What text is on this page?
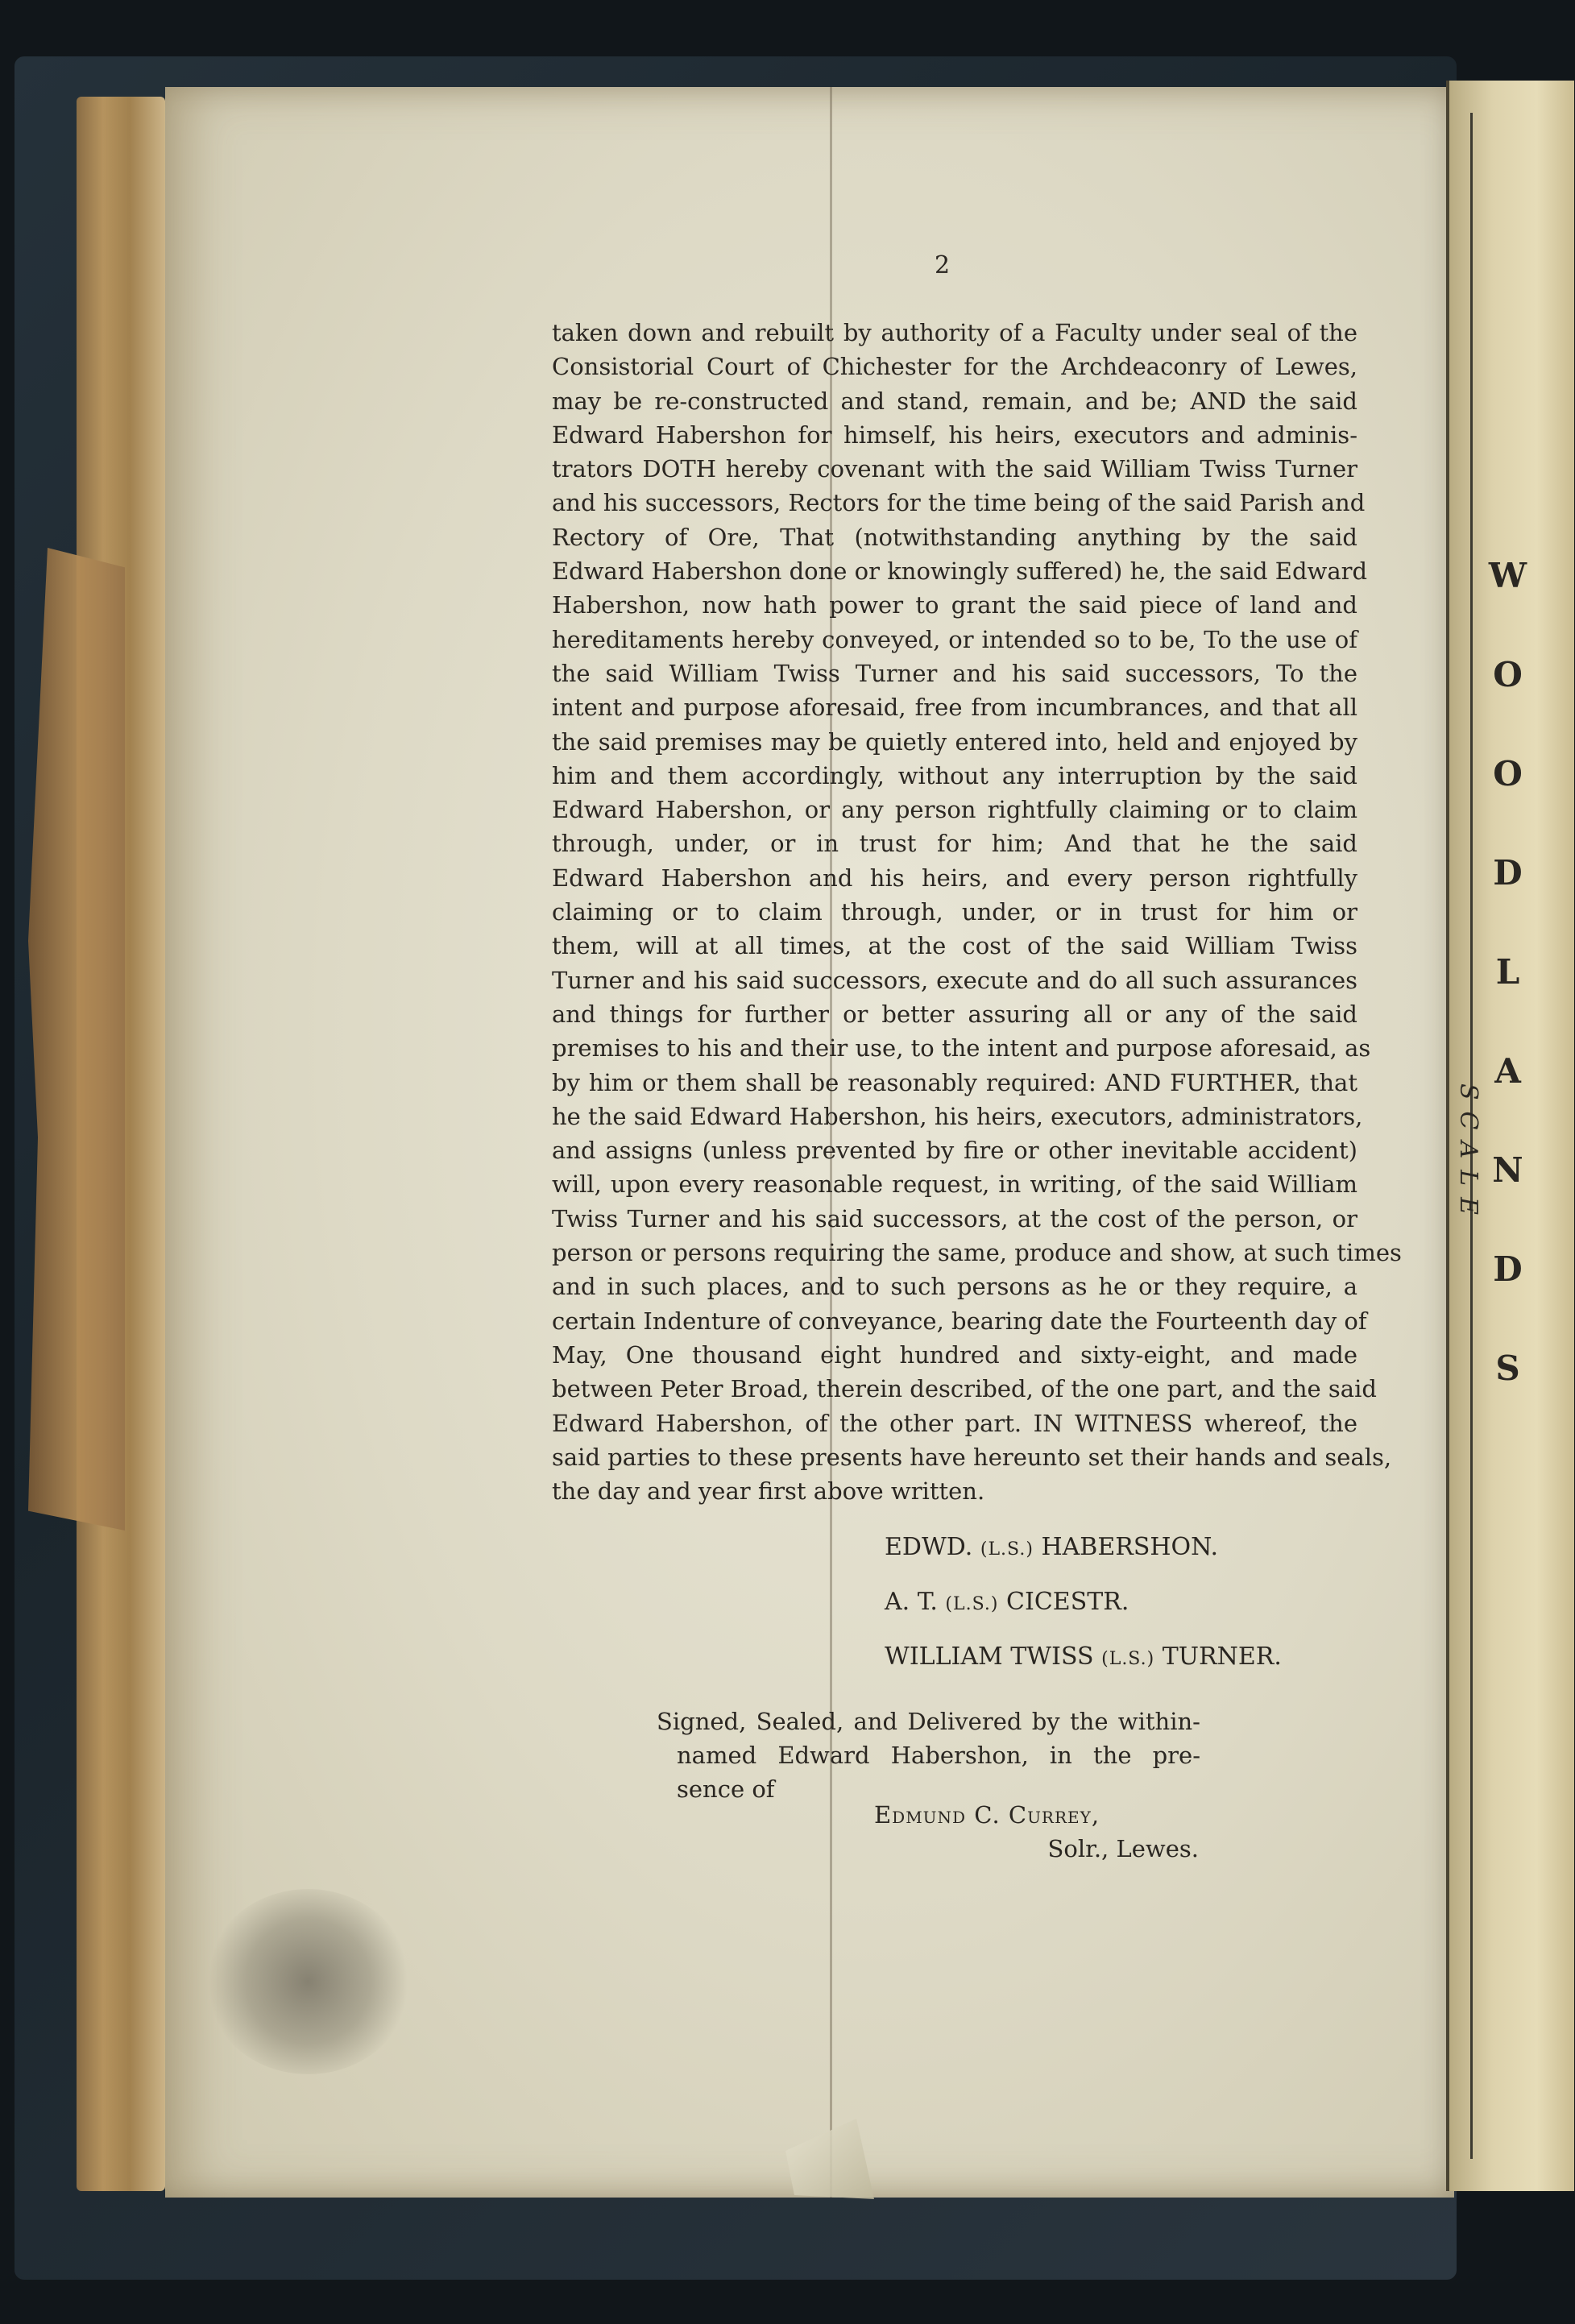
SCALE
2
taken down and rebuilt by authority of a Faculty under seal of the
Consistorial Court of Chichester for the Archdeaconry of Lewes,
may be re-constructed and stand, remain, and be; AND the said
Edward Habershon for himself, his heirs, executors and adminis-
trators DOTH hereby covenant with the said William Twiss Turner
and his successors, Rectors for the time being of the said Parish and
Rectory of Ore, That (notwithstanding anything by the said
Edward Habershon done or knowingly suffered) he, the said Edward
Habershon, now hath power to grant the said piece of land and
hereditaments hereby conveyed, or intended so to be, To the use of
the said William Twiss Turner and his said successors, To the
intent and purpose aforesaid, free from incumbrances, and that all
the said premises may be quietly entered into, held and enjoyed by
him and them accordingly, without any interruption by the said
Edward Habershon, or any person rightfully claiming or to claim
through, under, or in trust for him; And that he the said
Edward Habershon and his heirs, and every person rightfully
claiming or to claim through, under, or in trust for him or
them, will at all times, at the cost of the said William Twiss
Turner and his said successors, execute and do all such assurances
and things for further or better assuring all or any of the said
premises to his and their use, to the intent and purpose aforesaid, as
by him or them shall be reasonably required: AND FURTHER, that
he the said Edward Habershon, his heirs, executors, administrators,
and assigns (unless prevented by fire or other inevitable accident)
will, upon every reasonable request, in writing, of the said William
Twiss Turner and his said successors, at the cost of the person, or
person or persons requiring the same, produce and show, at such times
and in such places, and to such persons as he or they require, a
certain Indenture of conveyance, bearing date the Fourteenth day of
May, One thousand eight hundred and sixty-eight, and made
between Peter Broad, therein described, of the one part, and the said
Edward Habershon, of the other part. IN WITNESS whereof, the
said parties to these presents have hereunto set their hands and seals,
the day and year first above written.
EDWD. (L.S.) HABERSHON.
A. T. (L.S.) CICESTR.
WILLIAM TWISS (L.S.) TURNER.
Signed, Sealed, and Delivered by the within-
named Edward Habershon, in the pre-
sence of
Edmund C. Currey,
Solr., Lewes.
